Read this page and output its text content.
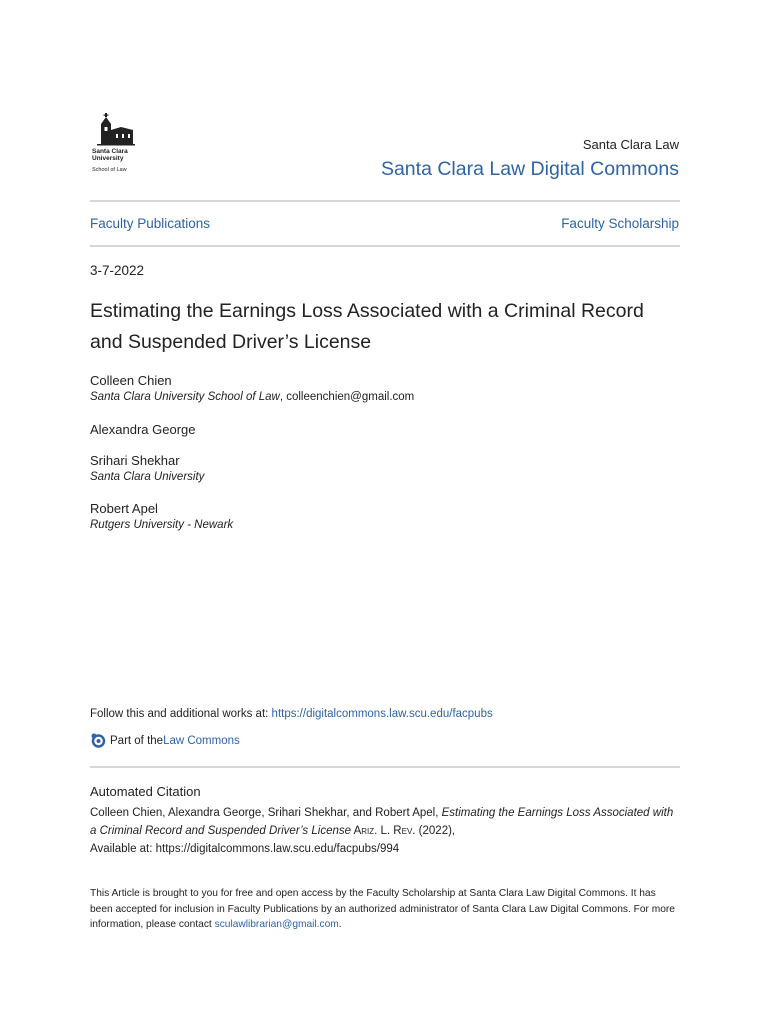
Santa Clara
University
School of Law
Santa Clara Law
Santa Clara Law Digital Commons
Faculty Publications	Faculty Scholarship
3-7-2022
Estimating the Earnings Loss Associated with a Criminal Record and Suspended Driver’s License
Colleen Chien
Santa Clara University School of Law, colleenchien@gmail.com
Alexandra George
Srihari Shekhar
Santa Clara University
Robert Apel
Rutgers University - Newark
Follow this and additional works at: https://digitalcommons.law.scu.edu/facpubs
Part of the Law Commons
Automated Citation
Colleen Chien, Alexandra George, Srihari Shekhar, and Robert Apel, Estimating the Earnings Loss Associated with a Criminal Record and Suspended Driver’s License Ariz. L. Rev. (2022),
Available at: https://digitalcommons.law.scu.edu/facpubs/994
This Article is brought to you for free and open access by the Faculty Scholarship at Santa Clara Law Digital Commons. It has been accepted for inclusion in Faculty Publications by an authorized administrator of Santa Clara Law Digital Commons. For more information, please contact sculawlibrarian@gmail.com.
